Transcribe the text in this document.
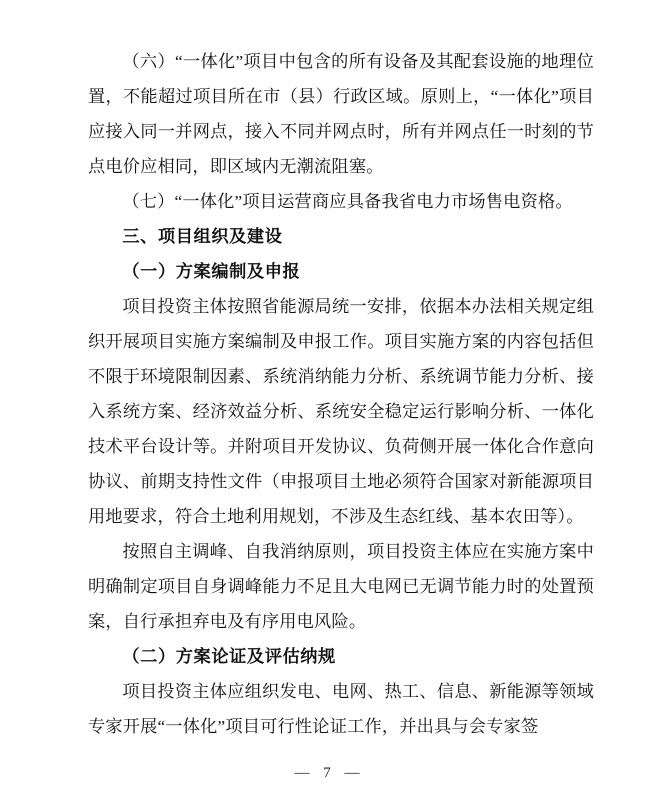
（六）“一体化”项目中包含的所有设备及其配套设施的地理位置，不能超过项目所在市（县）行政区域。原则上，“一体化”项目应接入同一并网点，接入不同并网点时，所有并网点任一时刻的节点电价应相同，即区域内无潮流阻塞。

（七）“一体化”项目运营商应具备我省电力市场售电资格。

三、项目组织及建设

（一）方案编制及申报

项目投资主体按照省能源局统一安排，依据本办法相关规定组织开展项目实施方案编制及申报工作。项目实施方案的内容包括但不限于环境限制因素、系统消纳能力分析、系统调节能力分析、接入系统方案、经济效益分析、系统安全稳定运行影响分析、一体化技术平台设计等。并附项目开发协议、负荷侧开展一体化合作意向协议、前期支持性文件（申报项目土地必须符合国家对新能源项目用地要求，符合土地利用规划，不涉及生态红线、基本农田等）。

按照自主调峰、自我消纳原则，项目投资主体应在实施方案中明确制定项目自身调峰能力不足且大电网已无调节能力时的处置预案，自行承担弃电及有序用电风险。

（二）方案论证及评估纳规

项目投资主体应组织发电、电网、热工、信息、新能源等领域专家开展“一体化”项目可行性论证工作，并出具与会专家签

— 7 —
